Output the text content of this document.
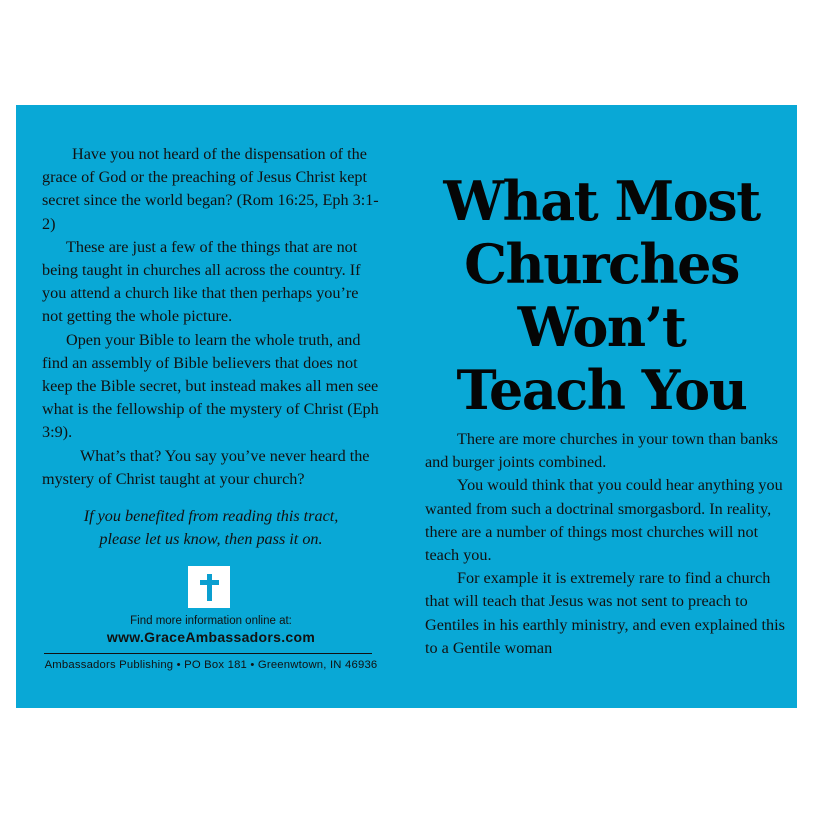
Have you not heard of the dispensation of the grace of God or the preaching of Jesus Christ kept secret since the world began? (Rom 16:25, Eph 3:1-2)

These are just a few of the things that are not being taught in churches all across the country. If you attend a church like that then perhaps you’re not getting the whole picture.

Open your Bible to learn the whole truth, and find an assembly of Bible believers that does not keep the Bible secret, but instead makes all men see what is the fellowship of the mystery of Christ (Eph 3:9).

What’s that? You say you’ve never heard the mystery of Christ taught at your church?

If you benefited from reading this tract,
please let us know, then pass it on.
Find more information online at:
www.GraceAmbassadors.com
Ambassadors Publishing • PO Box 181 • Greenwtown, IN 46936
What Most
Churches
Won’t
Teach You

There are more churches in your town than banks and burger joints combined.

You would think that you could hear anything you wanted from such a doctrinal smorgasbord. In reality, there are a number of things most churches will not teach you.

For example it is extremely rare to find a church that will teach that Jesus was not sent to preach to Gentiles in his earthly ministry, and even explained this to a Gentile woman
